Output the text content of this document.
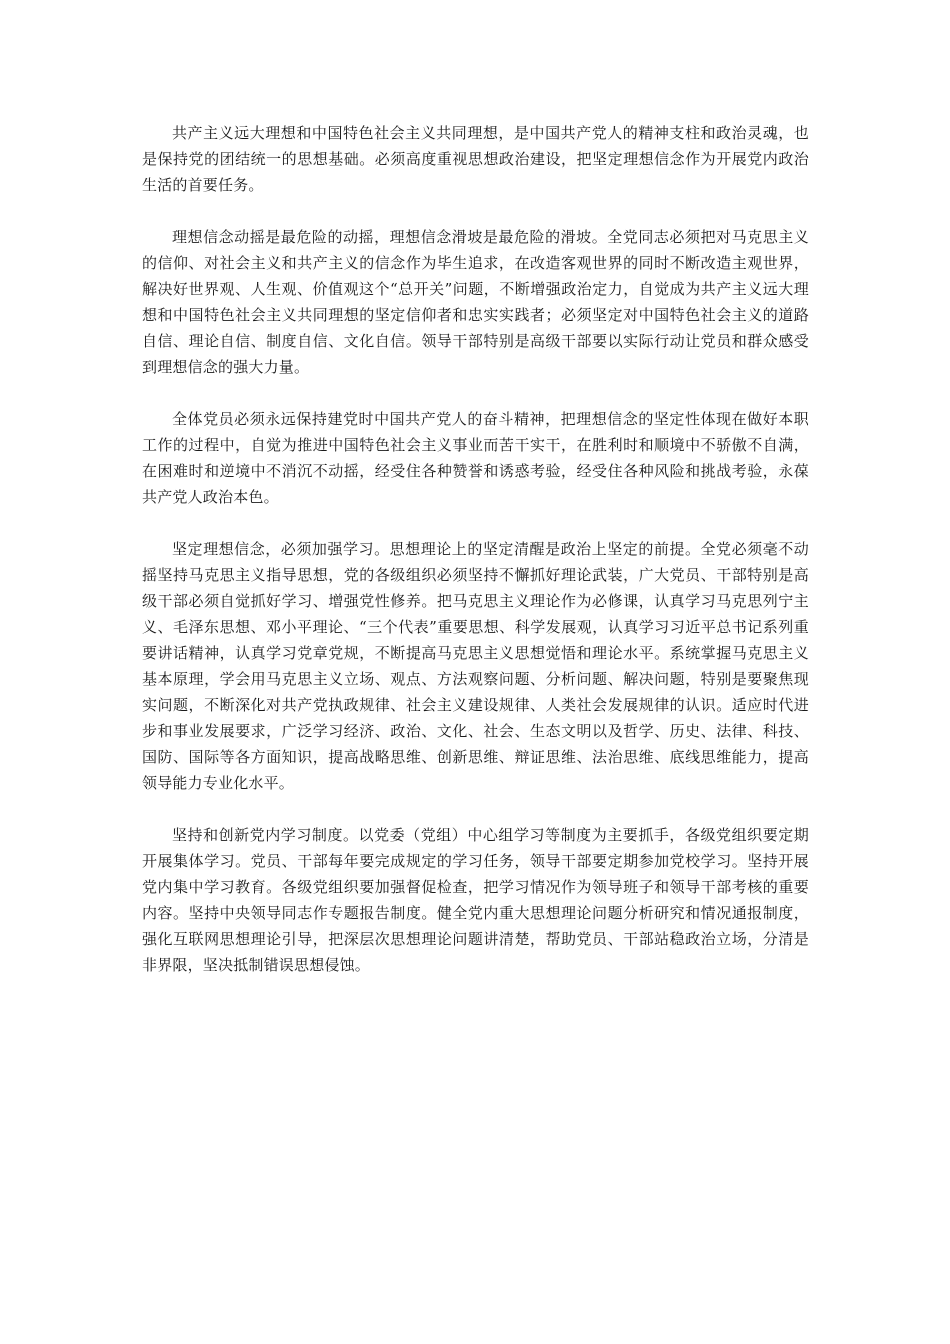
共产主义远大理想和中国特色社会主义共同理想，是中国共产党人的精神支柱和政治灵魂，也是保持党的团结统一的思想基础。必须高度重视思想政治建设，把坚定理想信念作为开展党内政治生活的首要任务。

理想信念动摇是最危险的动摇，理想信念滑坡是最危险的滑坡。全党同志必须把对马克思主义的信仰、对社会主义和共产主义的信念作为毕生追求，在改造客观世界的同时不断改造主观世界，解决好世界观、人生观、价值观这个“总开关”问题，不断增强政治定力，自觉成为共产主义远大理想和中国特色社会主义共同理想的坚定信仰者和忠实实践者；必须坚定对中国特色社会主义的道路自信、理论自信、制度自信、文化自信。领导干部特别是高级干部要以实际行动让党员和群众感受到理想信念的强大力量。

全体党员必须永远保持建党时中国共产党人的奋斗精神，把理想信念的坚定性体现在做好本职工作的过程中，自觉为推进中国特色社会主义事业而苦干实干，在胜利时和顺境中不骄傲不自满，在困难时和逆境中不消沉不动摇，经受住各种赞誉和诱惑考验，经受住各种风险和挑战考验，永葆共产党人政治本色。

坚定理想信念，必须加强学习。思想理论上的坚定清醒是政治上坚定的前提。全党必须毫不动摇坚持马克思主义指导思想，党的各级组织必须坚持不懈抓好理论武装，广大党员、干部特别是高级干部必须自觉抓好学习、增强党性修养。把马克思主义理论作为必修课，认真学习马克思列宁主义、毛泽东思想、邓小平理论、“三个代表”重要思想、科学发展观，认真学习习近平总书记系列重要讲话精神，认真学习党章党规，不断提高马克思主义思想觉悟和理论水平。系统掌握马克思主义基本原理，学会用马克思主义立场、观点、方法观察问题、分析问题、解决问题，特别是要聚焦现实问题，不断深化对共产党执政规律、社会主义建设规律、人类社会发展规律的认识。适应时代进步和事业发展要求，广泛学习经济、政治、文化、社会、生态文明以及哲学、历史、法律、科技、国防、国际等各方面知识，提高战略思维、创新思维、辩证思维、法治思维、底线思维能力，提高领导能力专业化水平。

坚持和创新党内学习制度。以党委（党组）中心组学习等制度为主要抓手，各级党组织要定期开展集体学习。党员、干部每年要完成规定的学习任务，领导干部要定期参加党校学习。坚持开展党内集中学习教育。各级党组织要加强督促检查，把学习情况作为领导班子和领导干部考核的重要内容。坚持中央领导同志作专题报告制度。健全党内重大思想理论问题分析研究和情况通报制度，强化互联网思想理论引导，把深层次思想理论问题讲清楚，帮助党员、干部站稳政治立场，分清是非界限，坚决抵制错误思想侵蚀。
